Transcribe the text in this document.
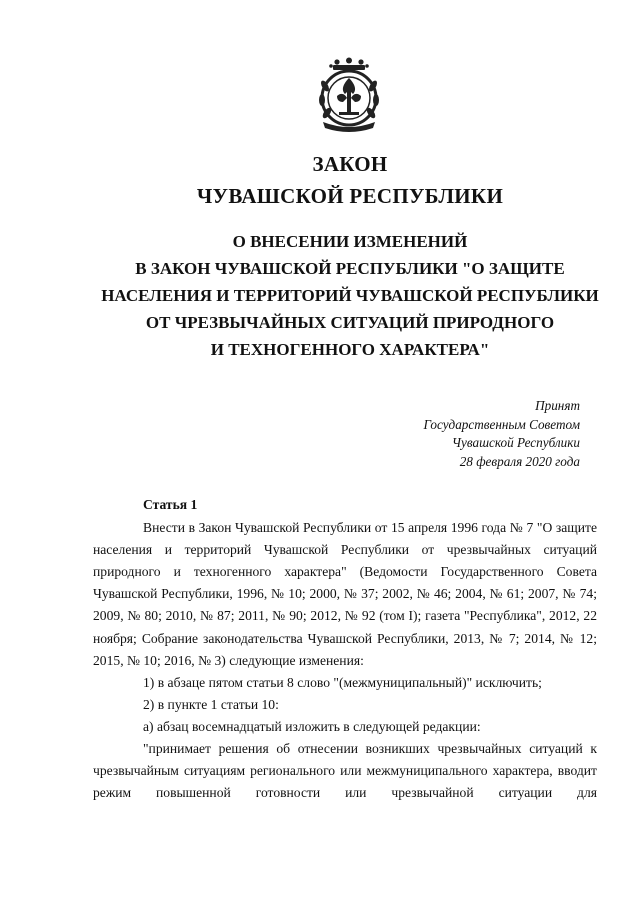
ЗАКОН
ЧУВАШСКОЙ РЕСПУБЛИКИ
О ВНЕСЕНИИ ИЗМЕНЕНИЙ
В ЗАКОН ЧУВАШСКОЙ РЕСПУБЛИКИ "О ЗАЩИТЕ
НАСЕЛЕНИЯ И ТЕРРИТОРИЙ ЧУВАШСКОЙ РЕСПУБЛИКИ
ОТ ЧРЕЗВЫЧАЙНЫХ СИТУАЦИЙ ПРИРОДНОГО
И ТЕХНОГЕННОГО ХАРАКТЕРА"
Принят
Государственным Советом
Чувашской Республики
28 февраля 2020 года

Статья 1

Внести в Закон Чувашской Республики от 15 апреля 1996 года № 7 "О защите населения и территорий Чувашской Республики от чрезвычайных ситуаций природного и техногенного характера" (Ведомости Государственного Совета Чувашской Республики, 1996, № 10; 2000, № 37; 2002, № 46; 2004, № 61; 2007, № 74; 2009, № 80; 2010, № 87; 2011, № 90; 2012, № 92 (том I); газета "Республика", 2012, 22 ноября; Собрание законодательства Чувашской Республики, 2013, № 7; 2014, № 12; 2015, № 10; 2016, № 3) следующие изменения:

1) в абзаце пятом статьи 8 слово "(межмуниципальный)" исключить;

2) в пункте 1 статьи 10:

а) абзац восемнадцатый изложить в следующей редакции:

"принимает решения об отнесении возникших чрезвычайных ситуаций к чрезвычайным ситуациям регионального или межмуниципального характера, вводит режим повышенной готовности или чрезвычайной ситуации для
